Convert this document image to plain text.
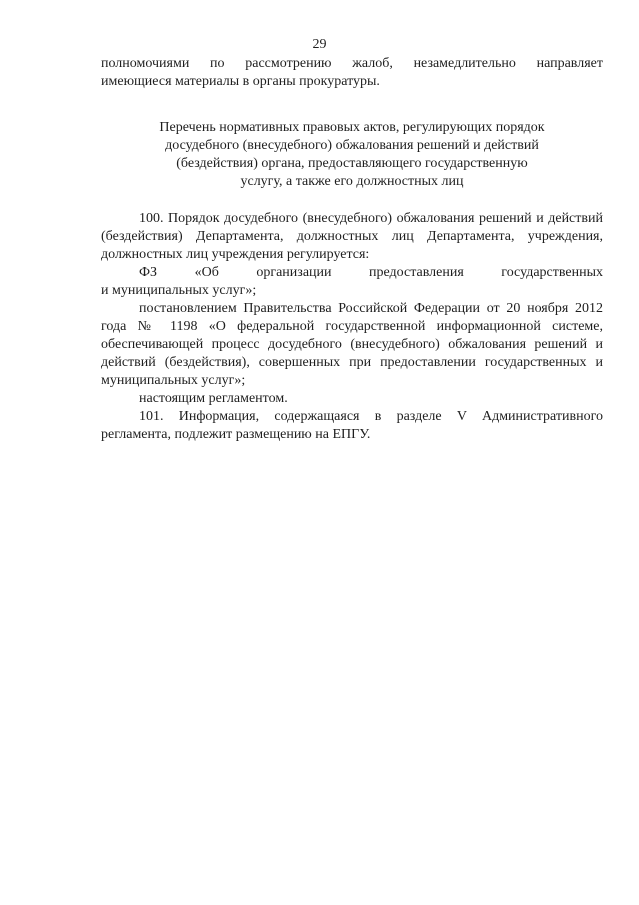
29

полномочиями по рассмотрению жалоб, незамедлительно направляет

имеющиеся материалы в органы прокуратуры.

Перечень нормативных правовых актов, регулирующих порядок
досудебного (внесудебного) обжалования решений и действий
(бездействия) органа, предоставляющего государственную
услугу, а также его должностных лиц

100. Порядок досудебного (внесудебного) обжалования решений и действий (бездействия) Департамента, должностных лиц Департамента, учреждения, должностных лиц учреждения регулируется:

ФЗ «Об организации предоставления государственных

и муниципальных услуг»;

постановлением Правительства Российской Федерации от 20 ноября 2012 года № 1198 «О федеральной государственной информационной системе, обеспечивающей процесс досудебного (внесудебного) обжалования решений и действий (бездействия), совершенных при предоставлении государственных и муниципальных услуг»;

настоящим регламентом.

101. Информация, содержащаяся в разделе V Административного регламента, подлежит размещению на ЕПГУ.
